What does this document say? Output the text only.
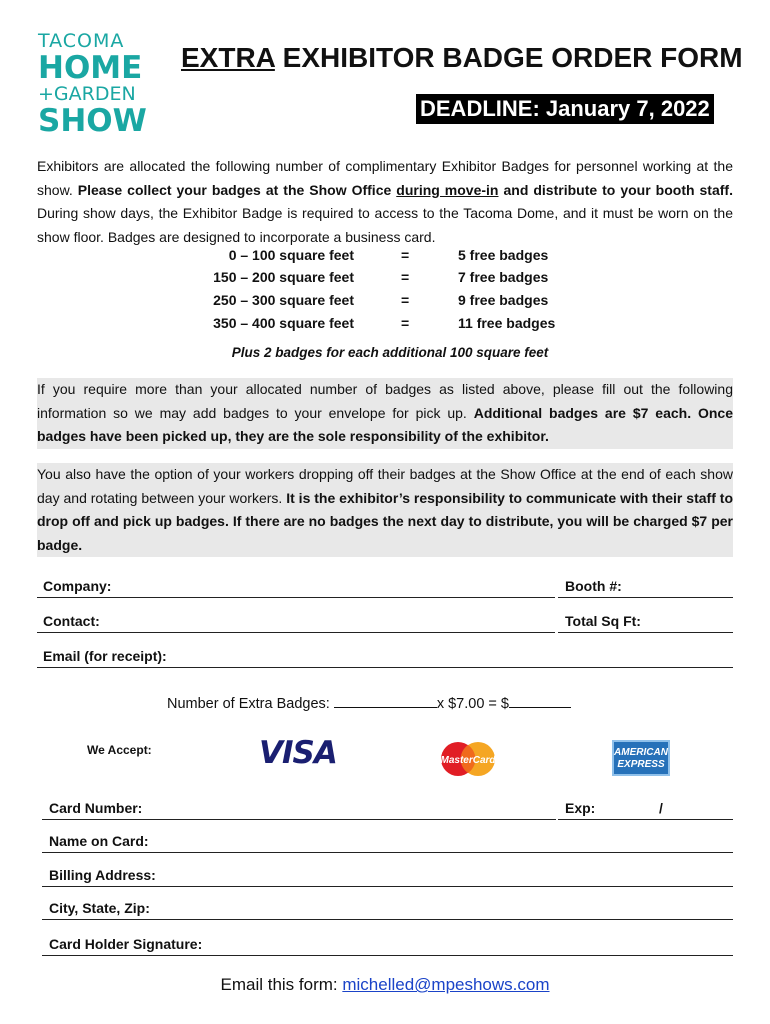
TACOMA
HOME
+GARDEN
SHOW
EXTRA EXHIBITOR BADGE ORDER FORM
DEADLINE: January 7, 2022
Exhibitors are allocated the following number of complimentary Exhibitor Badges for personnel working at the show. Please collect your badges at the Show Office during move-in and distribute to your booth staff. During show days, the Exhibitor Badge is required to access to the Tacoma Dome, and it must be worn on the show floor. Badges are designed to incorporate a business card.
0 – 100 square feet	=	5 free badges
150 – 200 square feet	=	7 free badges
250 – 300 square feet	=	9 free badges
350 – 400 square feet	=	11 free badges
Plus 2 badges for each additional 100 square feet
If you require more than your allocated number of badges as listed above, please fill out the following information so we may add badges to your envelope for pick up. Additional badges are $7 each. Once badges have been picked up, they are the sole responsibility of the exhibitor.
You also have the option of your workers dropping off their badges at the Show Office at the end of each show day and rotating between your workers. It is the exhibitor’s responsibility to communicate with their staff to drop off and pick up badges. If there are no badges the next day to distribute, you will be charged $7 per badge.
Company:	Booth #:
Contact:	Total Sq Ft:
Email (for receipt):
Number of Extra Badges:	x $7.00 = $
We Accept:	VISA	MasterCard
AMERICAN
EXPRESS
Card Number:	Exp:	/
Name on Card:
Billing Address:
City, State, Zip:
Card Holder Signature:
Email this form: michelled@mpeshows.com
